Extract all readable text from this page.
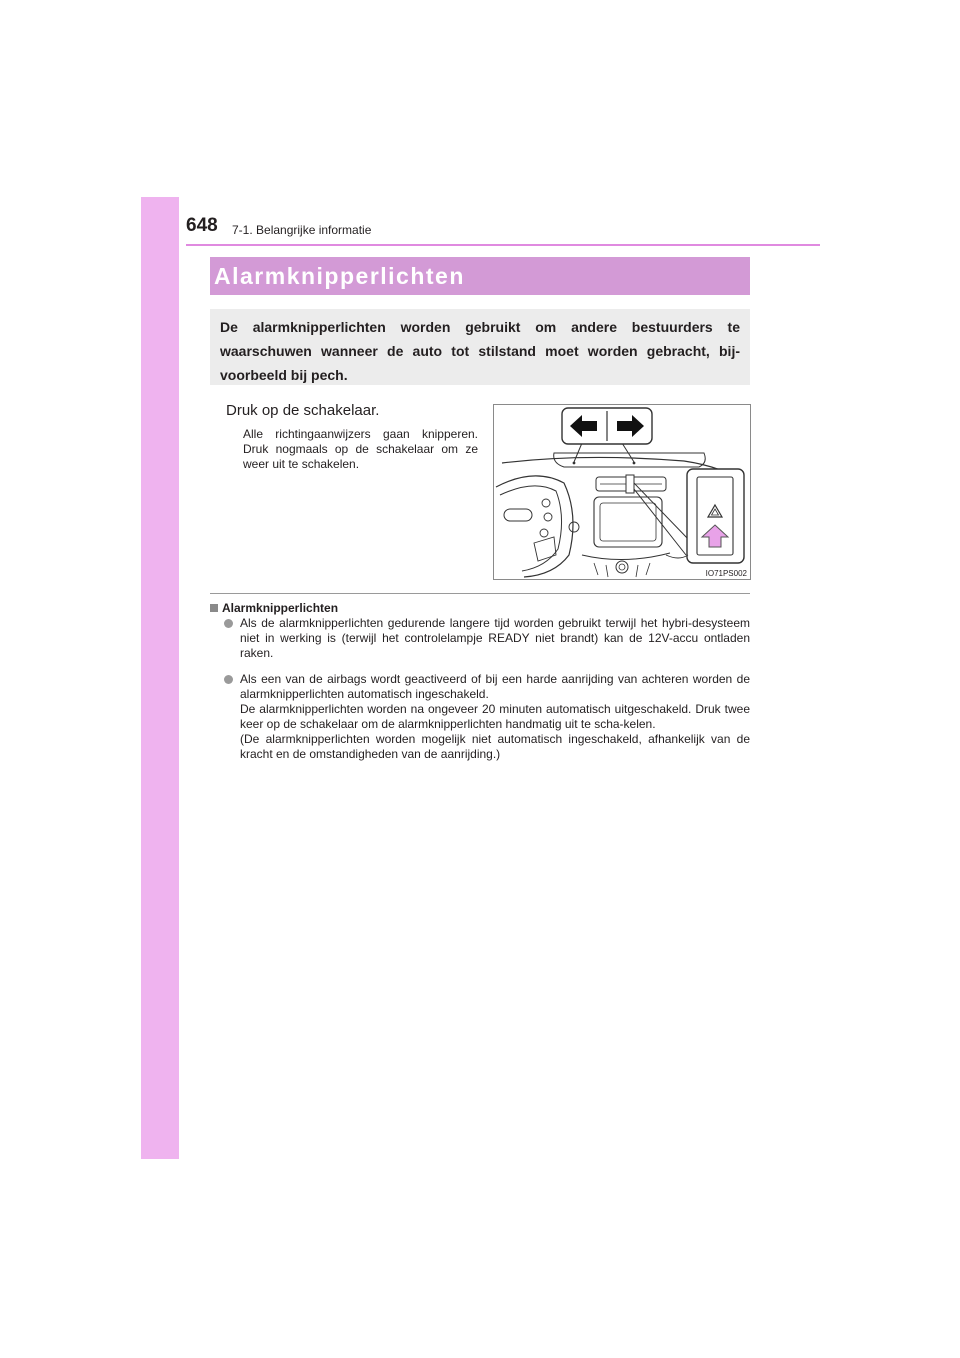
648 7-1. Belangrijke informatie
Alarmknipperlichten
De alarmknipperlichten worden gebruikt om andere bestuurders te waarschuwen wanneer de auto tot stilstand moet worden gebracht, bij-voorbeeld bij pech.
Druk op de schakelaar.
Alle richtingaanwijzers gaan knipperen. Druk nogmaals op de schakelaar om ze weer uit te schakelen.
IO71PS002
Alarmknipperlichten
Als de alarmknipperlichten gedurende langere tijd worden gebruikt terwijl het hybri-desysteem niet in werking is (terwijl het controlelampje READY niet brandt) kan de 12V-accu ontladen raken.
Als een van de airbags wordt geactiveerd of bij een harde aanrijding van achteren worden de alarmknipperlichten automatisch ingeschakeld.
De alarmknipperlichten worden na ongeveer 20 minuten automatisch uitgeschakeld. Druk twee keer op de schakelaar om de alarmknipperlichten handmatig uit te scha-kelen.
(De alarmknipperlichten worden mogelijk niet automatisch ingeschakeld, afhankelijk van de kracht en de omstandigheden van de aanrijding.)
